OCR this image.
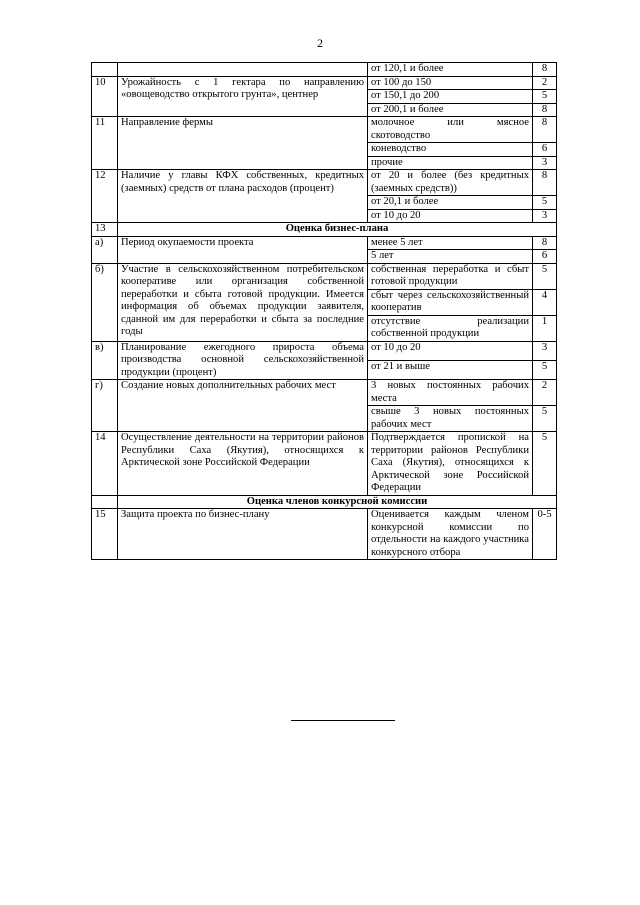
2
		от 120,1 и более	8
10	Урожайность с 1 гектара по направлению «овощеводство открытого грунта», центнер	от 100 до 150	2
		от 150,1 до 200	5
		от 200,1 и более	8
11	Направление фермы	молочное или мясное скотоводство	8
		коневодство	6
		прочие	3
12	Наличие у главы КФХ собственных, кредитных (заемных) средств от плана расходов (процент)	от 20 и более (без кредитных (заемных средств))	8
		от 20,1 и более	5
		от 10 до 20	3
13	Оценка бизнес-плана		
а)	Период окупаемости проекта	менее 5 лет	8
		5 лет	6
б)	Участие в сельскохозяйственном потребительском кооперативе или организация собственной переработки и сбыта готовой продукции. Имеется информация об объемах продукции заявителя, сданной им для переработки и сбыта за последние годы	собственная переработка и сбыт готовой продукции	5
		сбыт через сельскохозяйственный кооператив	4
		отсутствие реализации собственной продукции	1
в)	Планирование ежегодного прироста объема производства основной сельскохозяйственной продукции (процент)	от 10 до 20	3
		от 21 и выше	5
г)	Создание новых дополнительных рабочих мест	3 новых постоянных рабочих места	2
		свыше 3 новых постоянных рабочих мест	5
14	Осуществление деятельности на территории районов Республики Саха (Якутия), относящихся к Арктической зоне Российской Федерации	Подтверждается пропиской на территории районов Республики Саха (Якутия), относящихся к Арктической зоне Российской Федерации	5
	Оценка членов конкурсной комиссии		
15	Защита проекта по бизнес-плану	Оценивается каждым членом конкурсной комиссии по отдельности на каждого участника конкурсного отбора	0-5
